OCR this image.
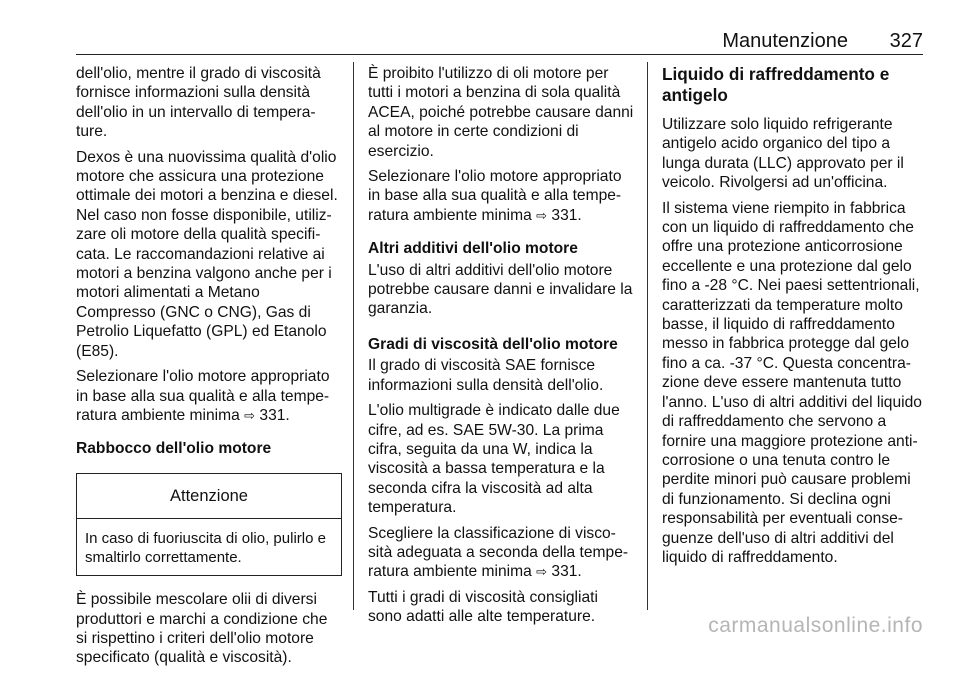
Manutenzione 327

dell'olio, mentre il grado di viscosità fornisce informazioni sulla densità dell'olio in un intervallo di tempera-ture.

Dexos è una nuovissima qualità d'olio motore che assicura una protezione ottimale dei motori a benzina e diesel. Nel caso non fosse disponibile, utiliz-zare oli motore della qualità specifi-cata. Le raccomandazioni relative ai motori a benzina valgono anche per i motori alimentati a Metano Compresso (GNC o CNG), Gas di Petrolio Liquefatto (GPL) ed Etanolo (E85).

Selezionare l'olio motore appropriato in base alla sua qualità e alla tempe-ratura ambiente minima ⇨ 331.

Rabbocco dell'olio motore
Attenzione
In caso di fuoriuscita di olio, pulirlo e smaltirlo correttamente.

È possibile mescolare olii di diversi produttori e marchi a condizione che si rispettino i criteri dell'olio motore specificato (qualità e viscosità).

È proibito l'utilizzo di oli motore per tutti i motori a benzina di sola qualità ACEA, poiché potrebbe causare danni al motore in certe condizioni di esercizio.

Selezionare l'olio motore appropriato in base alla sua qualità e alla tempe-ratura ambiente minima ⇨ 331.

Altri additivi dell'olio motore

L'uso di altri additivi dell'olio motore potrebbe causare danni e invalidare la garanzia.

Gradi di viscosità dell'olio motore

Il grado di viscosità SAE fornisce informazioni sulla densità dell'olio.

L'olio multigrade è indicato dalle due cifre, ad es. SAE 5W-30. La prima cifra, seguita da una W, indica la viscosità a bassa temperatura e la seconda cifra la viscosità ad alta temperatura.

Scegliere la classificazione di visco-sità adeguata a seconda della tempe-ratura ambiente minima ⇨ 331.

Tutti i gradi di viscosità consigliati sono adatti alle alte temperature.

Liquido di raffreddamento e antigelo

Utilizzare solo liquido refrigerante antigelo acido organico del tipo a lunga durata (LLC) approvato per il veicolo. Rivolgersi ad un'officina.

Il sistema viene riempito in fabbrica con un liquido di raffreddamento che offre una protezione anticorrosione eccellente e una protezione dal gelo fino a -28 °C. Nei paesi settentrionali, caratterizzati da temperature molto basse, il liquido di raffreddamento messo in fabbrica protegge dal gelo fino a ca. -37 °C. Questa concentra-zione deve essere mantenuta tutto l'anno. L'uso di altri additivi del liquido di raffreddamento che servono a fornire una maggiore protezione anti-corrosione o una tenuta contro le perdite minori può causare problemi di funzionamento. Si declina ogni responsabilità per eventuali conse-guenze dell'uso di altri additivi del liquido di raffreddamento.

carmanualsonline.info
